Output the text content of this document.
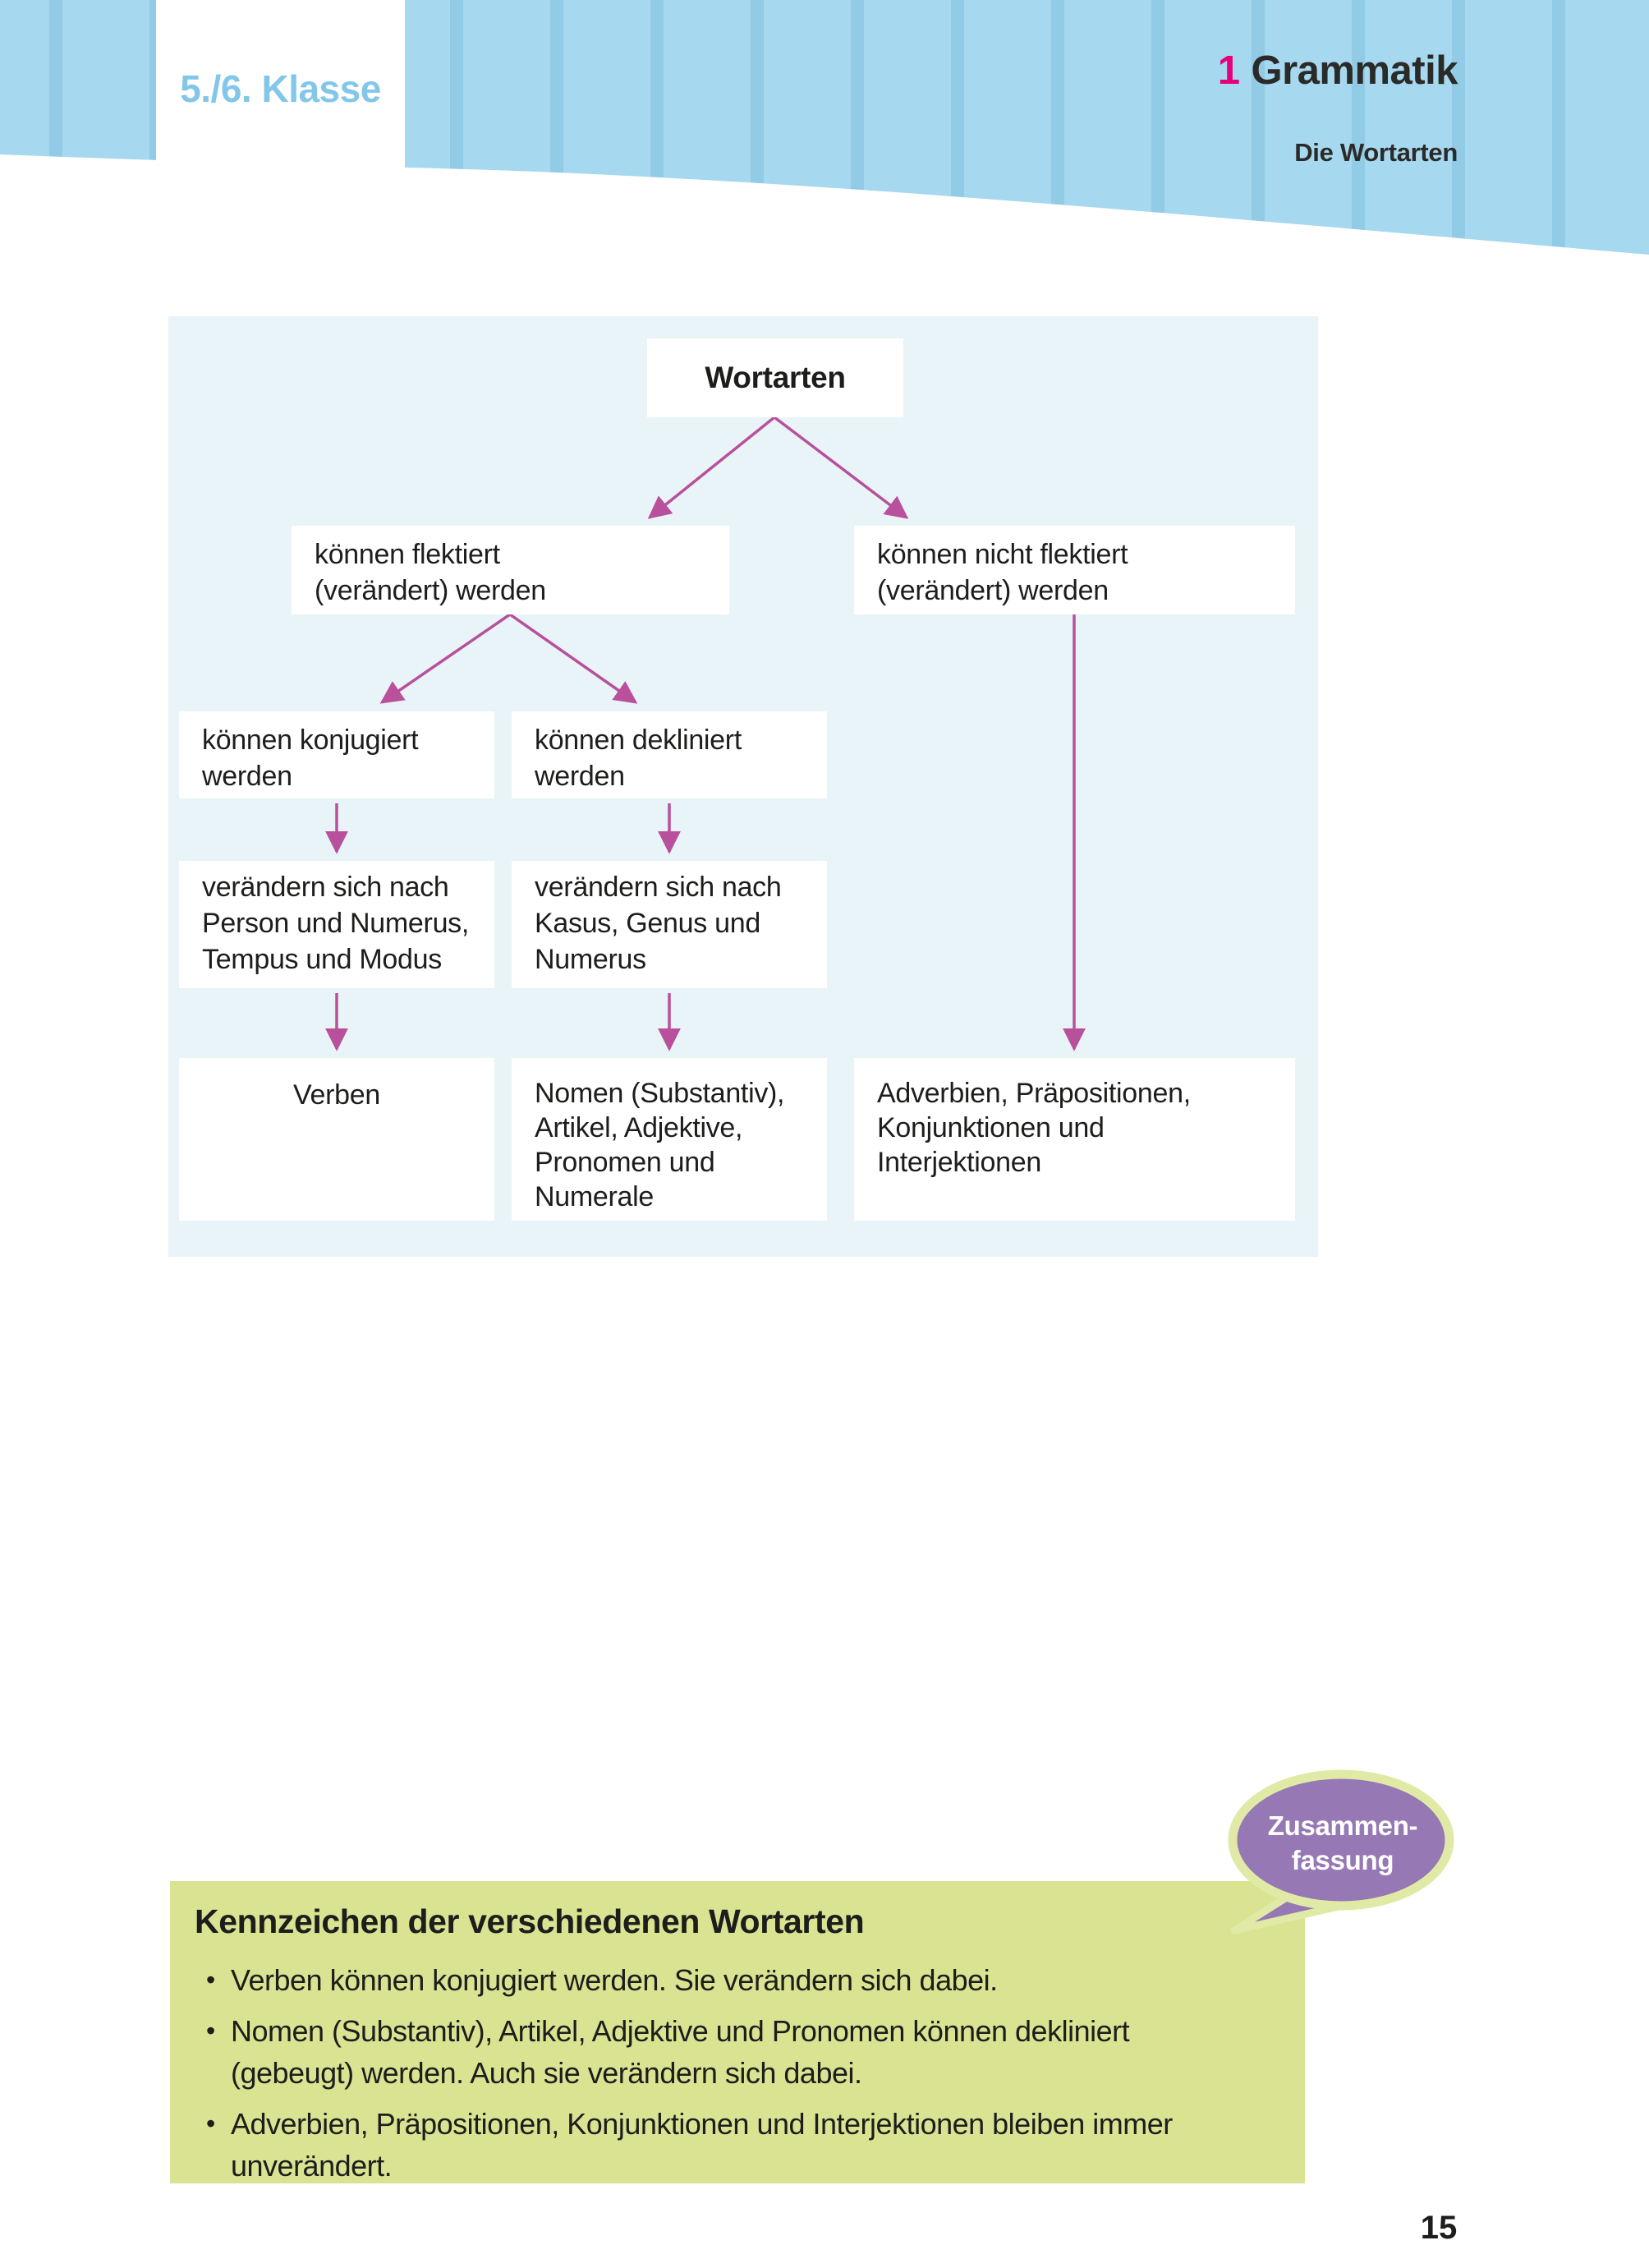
5./6. Klasse	1 Grammatik
Die Wortarten
Wortarten
können flektiert
(verändert) werden
können nicht flektiert
(verändert) werden
können konjugiert
werden
können dekliniert
werden
verändern sich nach
Person und Numerus,
Tempus und Modus
verändern sich nach
Kasus, Genus und
Numerus
Verben	Nomen (Substantiv),
Artikel, Adjektive,
Pronomen und
Numerale
Adverbien, Präpositionen,
Konjunktionen und
Interjektionen
Kennzeichen der verschiedenen Wortarten
• Verben können konjugiert werden. Sie verändern sich dabei.
• Nomen (Substantiv), Artikel, Adjektive und Pronomen können dekliniert
(gebeugt) werden. Auch sie verändern sich dabei.
• Adverbien, Präpositionen, Konjunktionen und Interjektionen bleiben immer
unverändert.
Zusammen-
fassung
15
